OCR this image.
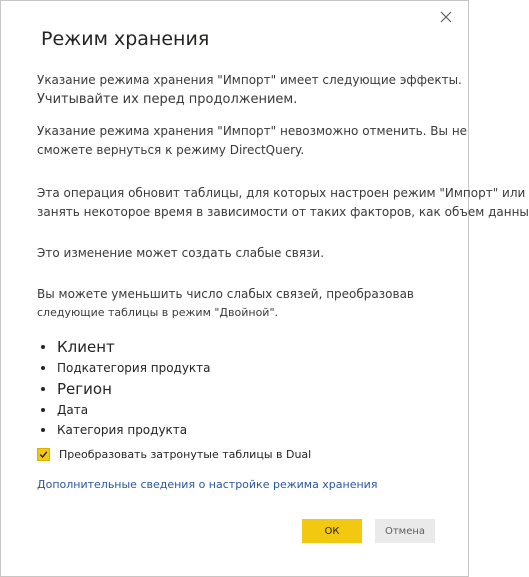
Режим хранения

Указание режима хранения "Импорт" имеет следующие эффекты.

Учитывайте их перед продолжением.

Указание режима хранения "Импорт" невозможно отменить. Вы не

сможете вернуться к режиму DirectQuery.

Эта операция обновит таблицы, для которых настроен режим "Импорт" или

занять некоторое время в зависимости от таких факторов, как объем данны

Это изменение может создать слабые связи.

Вы можете уменьшить число слабых связей, преобразовав

следующие таблицы в режим "Двойной".

Клиент
Подкатегория продукта
Регион
Дата
Категория продукта
Преобразовать затронутые таблицы в Dual
Дополнительные сведения о настройке режима хранения
ОК	Отмена
